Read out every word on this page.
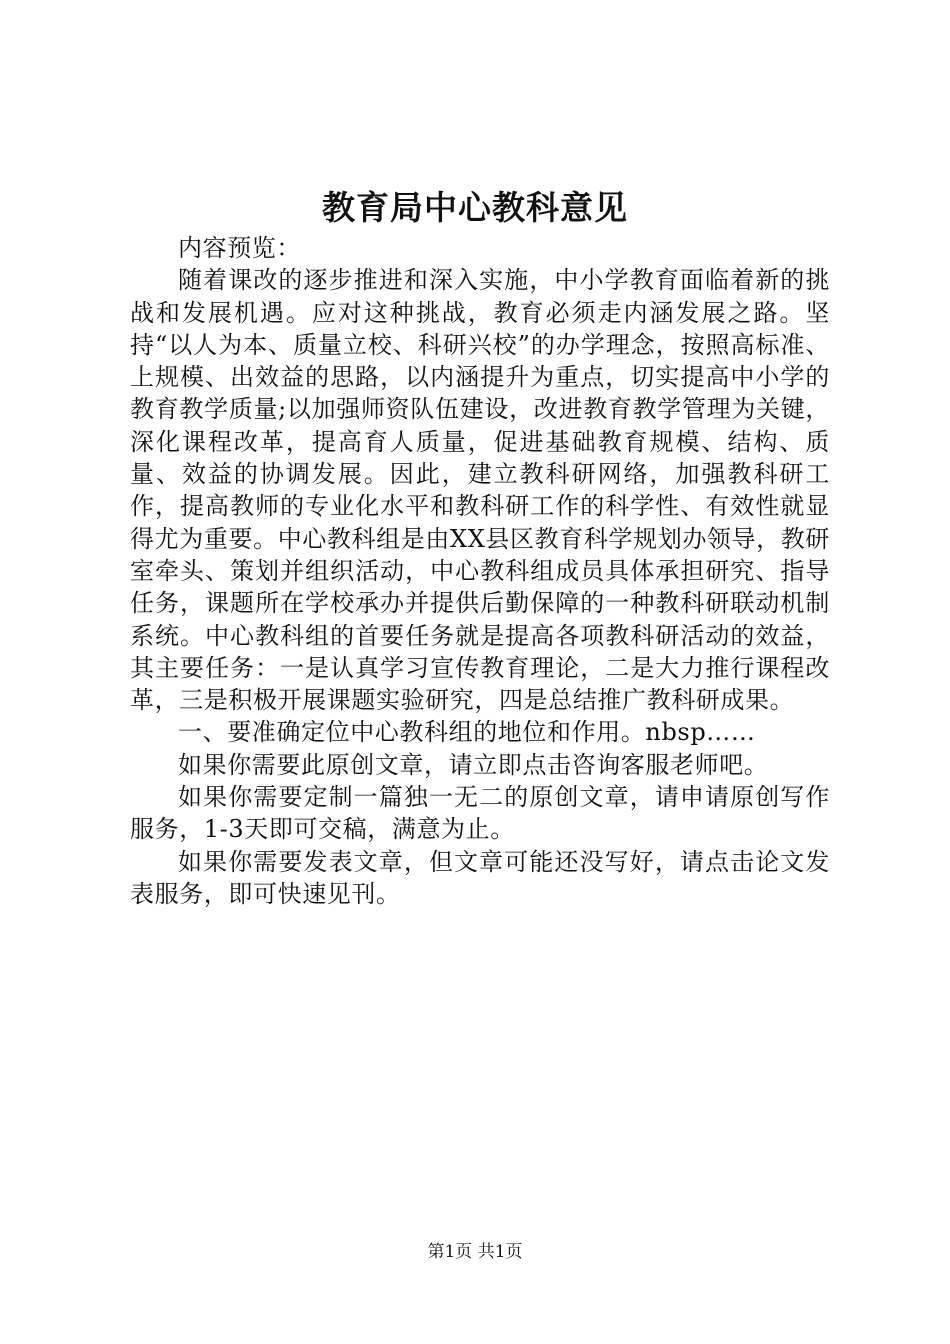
教育局中心教科意见

内容预览：

随着课改的逐步推进和深入实施，中小学教育面临着新的挑战和发展机遇。应对这种挑战，教育必须走内涵发展之路。坚持“以人为本、质量立校、科研兴校”的办学理念，按照高标准、上规模、出效益的思路，以内涵提升为重点，切实提高中小学的教育教学质量;以加强师资队伍建设，改进教育教学管理为关键，深化课程改革，提高育人质量，促进基础教育规模、结构、质量、效益的协调发展。因此，建立教科研网络，加强教科研工作，提高教师的专业化水平和教科研工作的科学性、有效性就显得尤为重要。中心教科组是由XX县区教育科学规划办领导，教研室牵头、策划并组织活动，中心教科组成员具体承担研究、指导任务，课题所在学校承办并提供后勤保障的一种教科研联动机制系统。中心教科组的首要任务就是提高各项教科研活动的效益，其主要任务：一是认真学习宣传教育理论，二是大力推行课程改革，三是积极开展课题实验研究，四是总结推广教科研成果。

一、要准确定位中心教科组的地位和作用。nbsp……

如果你需要此原创文章，请立即点击咨询客服老师吧。

如果你需要定制一篇独一无二的原创文章，请申请原创写作服务，1-3天即可交稿，满意为止。

如果你需要发表文章，但文章可能还没写好，请点击论文发表服务，即可快速见刊。

第1页 共1页
